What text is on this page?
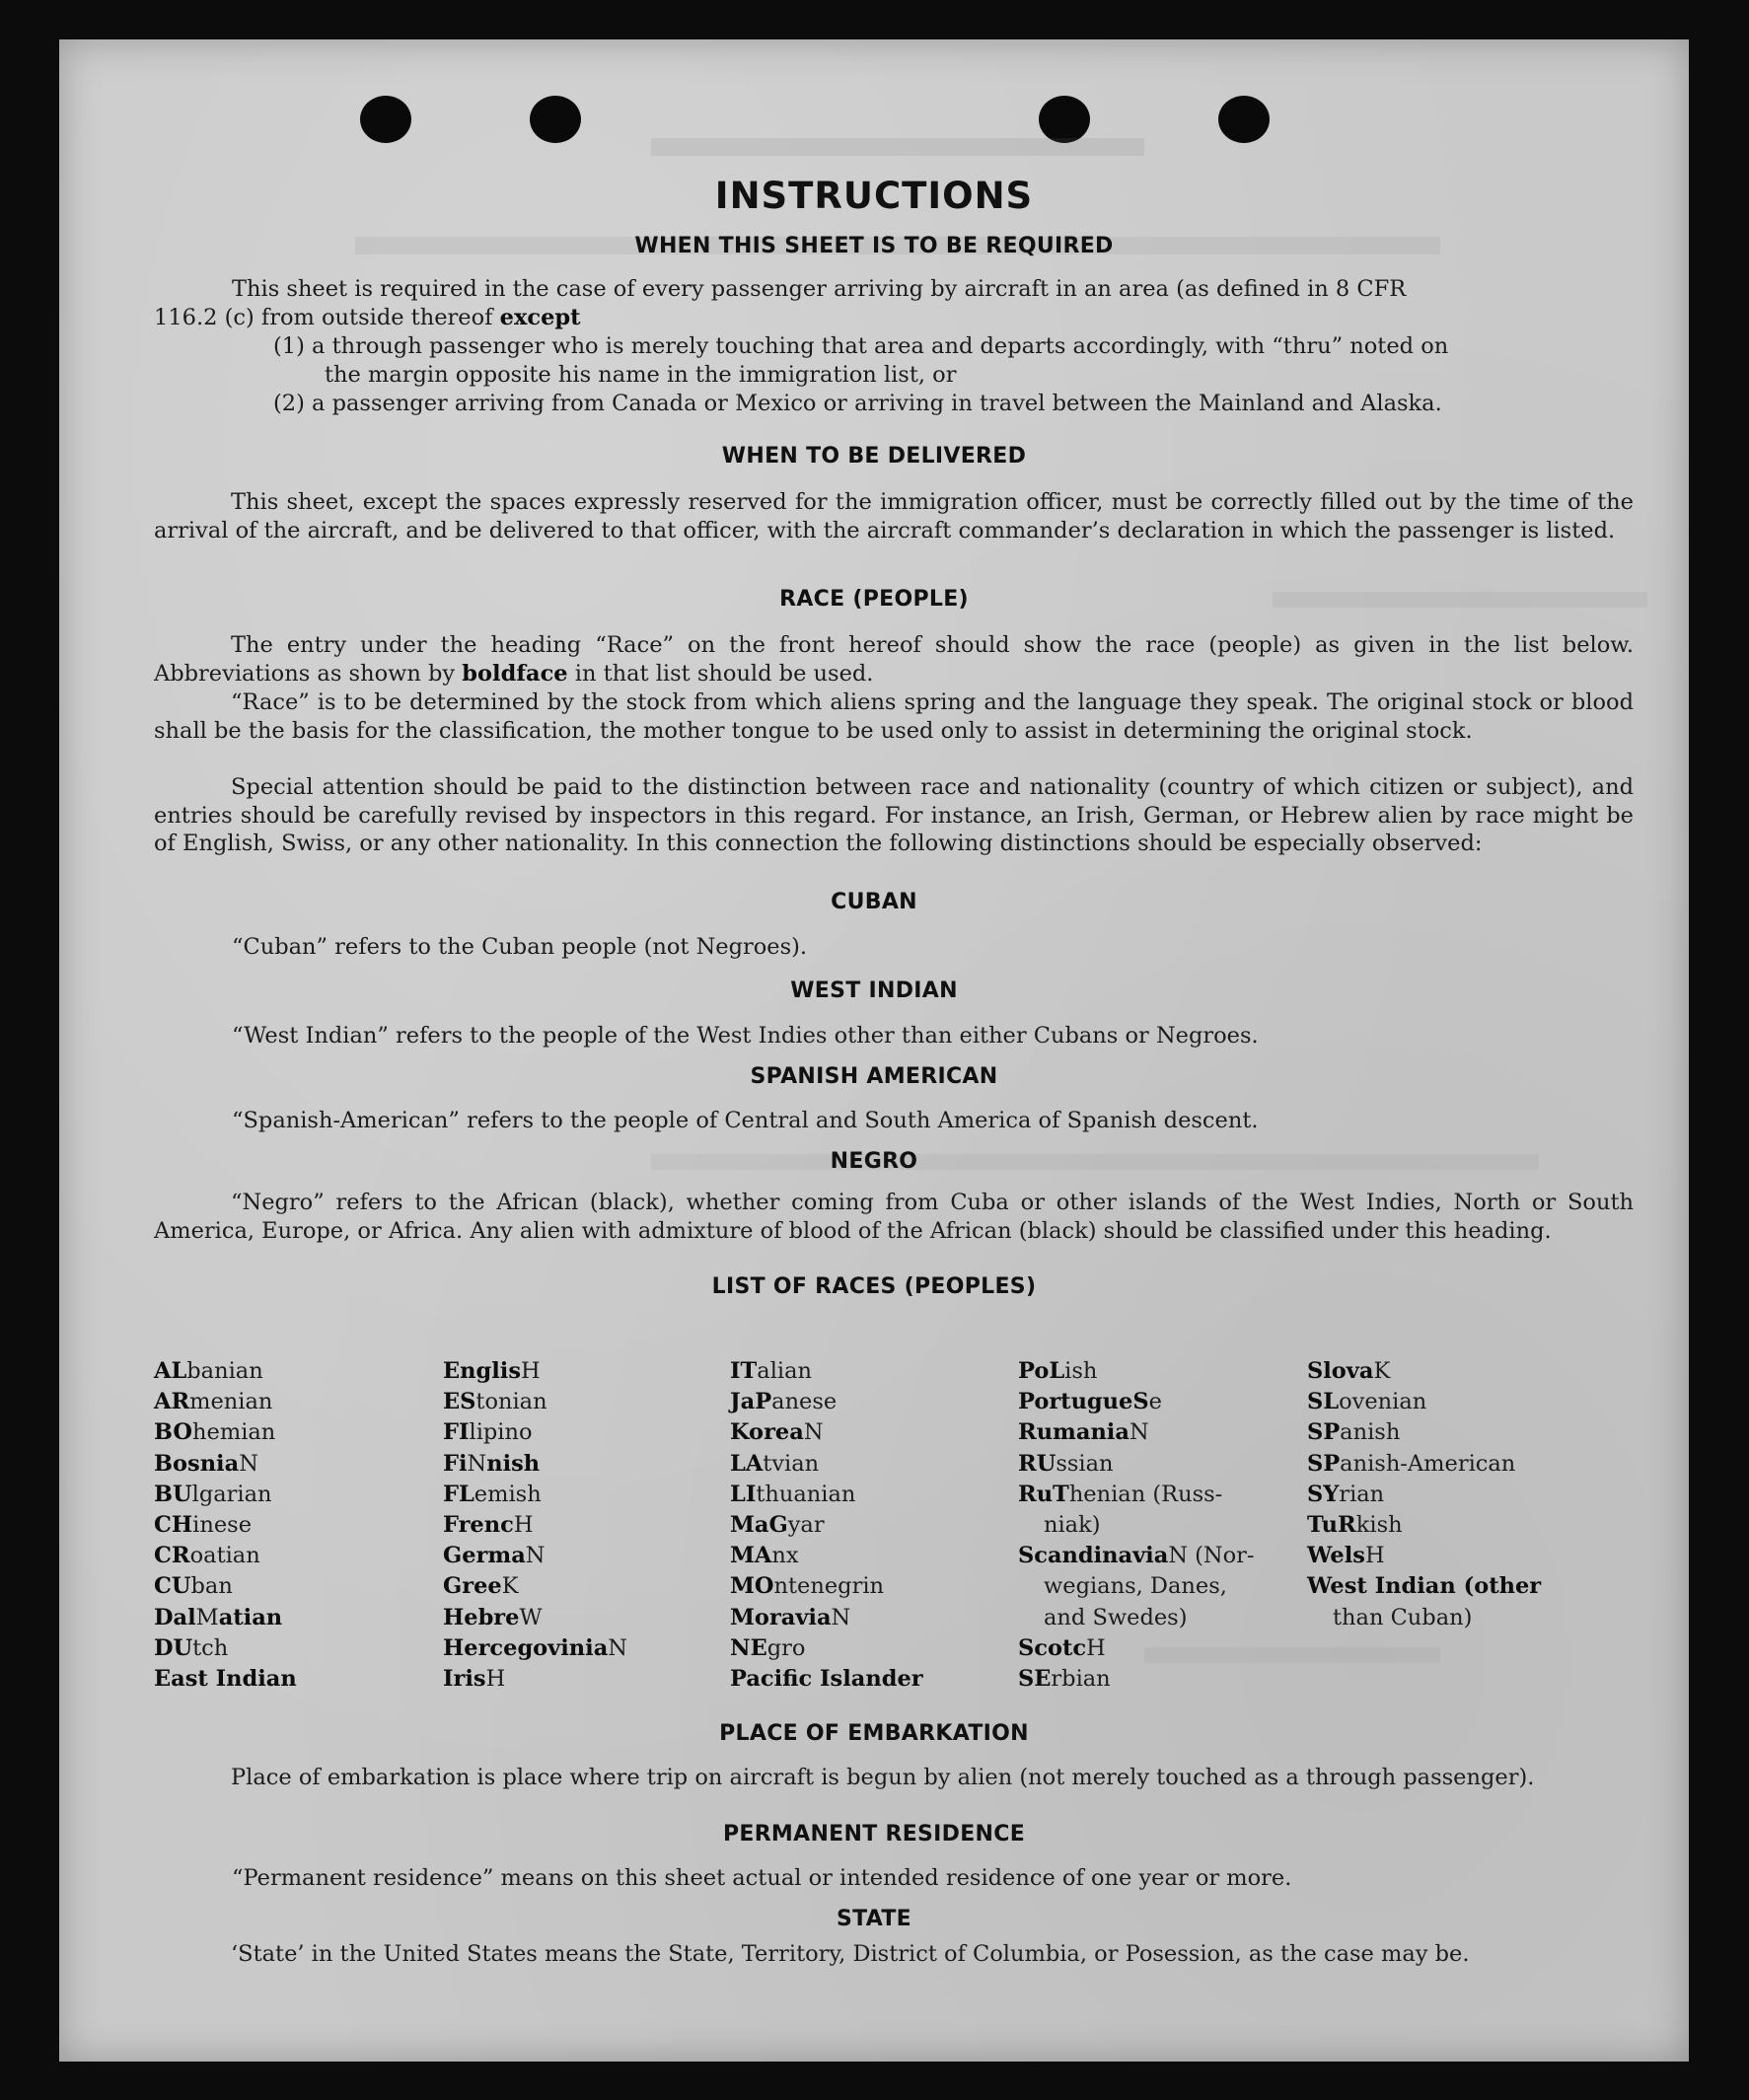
INSTRUCTIONS
WHEN THIS SHEET IS TO BE REQUIRED
This sheet is required in the case of every passenger arriving by aircraft in an area (as defined in 8 CFR
116.2 (c) from outside thereof except
(1) a through passenger who is merely touching that area and departs accordingly, with “thru” noted on
the margin opposite his name in the immigration list, or
(2) a passenger arriving from Canada or Mexico or arriving in travel between the Mainland and Alaska.
WHEN TO BE DELIVERED
This sheet, except the spaces expressly reserved for the immigration officer, must be correctly filled out by the time of the arrival of the aircraft, and be delivered to that officer, with the aircraft commander’s declaration in which the passenger is listed.
RACE (PEOPLE)
The entry under the heading “Race” on the front hereof should show the race (people) as given in the list below. Abbreviations as shown by boldface in that list should be used.
“Race” is to be determined by the stock from which aliens spring and the language they speak. The original stock or blood shall be the basis for the classification, the mother tongue to be used only to assist in determining the original stock.
Special attention should be paid to the distinction between race and nationality (country of which citizen or subject), and entries should be carefully revised by inspectors in this regard. For instance, an Irish, German, or Hebrew alien by race might be of English, Swiss, or any other nationality. In this connection the following distinctions should be especially observed:
CUBAN
“Cuban” refers to the Cuban people (not Negroes).
WEST INDIAN
“West Indian” refers to the people of the West Indies other than either Cubans or Negroes.
SPANISH AMERICAN
“Spanish-American” refers to the people of Central and South America of Spanish descent.
NEGRO
“Negro” refers to the African (black), whether coming from Cuba or other islands of the West Indies, North or South America, Europe, or Africa. Any alien with admixture of blood of the African (black) should be classified under this heading.
LIST OF RACES (PEOPLES)
ALbanian
ARmenian
BOhemian
BosniaN
BUlgarian
CHinese
CRoatian
CUban
DalMatian
DUtch
East Indian
EnglisH
EStonian
FIlipino
FiNnish
FLemish
FrencH
GermaN
GreeK
HebreW
HercegoviniaN
IrisH
ITalian
JaPanese
KoreaN
LAtvian
LIthuanian
MaGyar
MAnx
MOntenegrin
MoraviaN
NEgro
Pacific Islander
PoLish
PortugueSe
RumaniaN
RUssian
RuThenian (Russ-
niak)
ScandinaviaN (Nor-
wegians, Danes,
and Swedes)
ScotcH
SErbian
SlovaK
SLovenian
SPanish
SPanish-American
SYrian
TuRkish
WelsH
West Indian (other
than Cuban)
PLACE OF EMBARKATION
Place of embarkation is place where trip on aircraft is begun by alien (not merely touched as a through passenger).
PERMANENT RESIDENCE
“Permanent residence” means on this sheet actual or intended residence of one year or more.
STATE
‘State’ in the United States means the State, Territory, District of Columbia, or Posession, as the case may be.
